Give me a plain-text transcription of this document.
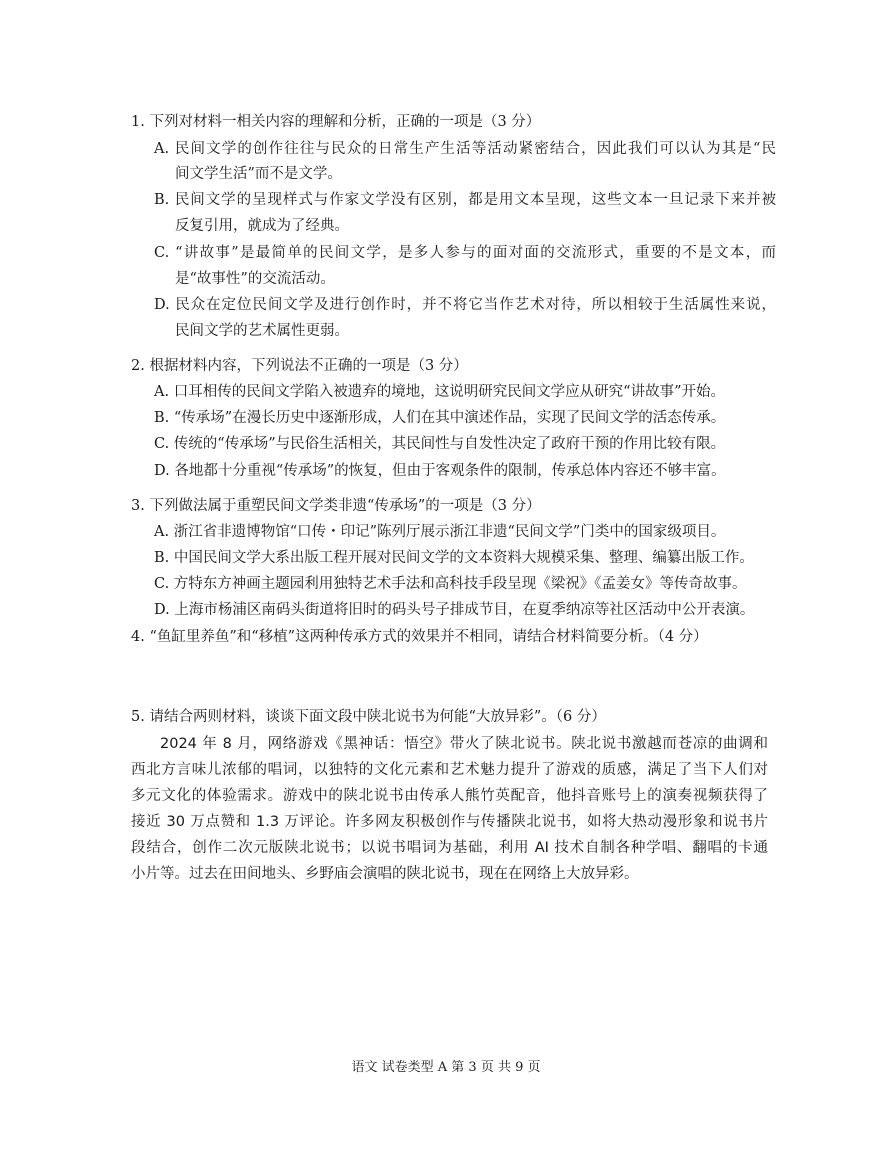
1. 下列对材料一相关内容的理解和分析，正确的一项是（3 分）
A. 民间文学的创作往往与民众的日常生产生活等活动紧密结合，因此我们可以认为其是“民
间文学生活”而不是文学。
B. 民间文学的呈现样式与作家文学没有区别，都是用文本呈现，这些文本一旦记录下来并被
反复引用，就成为了经典。
C. “讲故事”是最简单的民间文学，是多人参与的面对面的交流形式，重要的不是文本，而
是“故事性”的交流活动。
D. 民众在定位民间文学及进行创作时，并不将它当作艺术对待，所以相较于生活属性来说，
民间文学的艺术属性更弱。
2. 根据材料内容，下列说法不正确的一项是（3 分）
A. 口耳相传的民间文学陷入被遗弃的境地，这说明研究民间文学应从研究“讲故事”开始。
B. “传承场”在漫长历史中逐渐形成，人们在其中演述作品，实现了民间文学的活态传承。
C. 传统的“传承场”与民俗生活相关，其民间性与自发性决定了政府干预的作用比较有限。
D. 各地都十分重视“传承场”的恢复，但由于客观条件的限制，传承总体内容还不够丰富。
3. 下列做法属于重塑民间文学类非遗“传承场”的一项是（3 分）
A. 浙江省非遗博物馆“口传・印记”陈列厅展示浙江非遗“民间文学”门类中的国家级项目。
B. 中国民间文学大系出版工程开展对民间文学的文本资料大规模采集、整理、编纂出版工作。
C. 方特东方神画主题园利用独特艺术手法和高科技手段呈现《梁祝》《孟姜女》等传奇故事。
D. 上海市杨浦区南码头街道将旧时的码头号子排成节目，在夏季纳凉等社区活动中公开表演。
4. “鱼缸里养鱼”和“移植”这两种传承方式的效果并不相同，请结合材料简要分析。（4 分）
5. 请结合两则材料，谈谈下面文段中陕北说书为何能“大放异彩”。（6 分）
2024 年 8 月，网络游戏《黑神话：悟空》带火了陕北说书。陕北说书激越而苍凉的曲调和
西北方言味儿浓郁的唱词，以独特的文化元素和艺术魅力提升了游戏的质感，满足了当下人们对
多元文化的体验需求。游戏中的陕北说书由传承人熊竹英配音，他抖音账号上的演奏视频获得了
接近 30 万点赞和 1.3 万评论。许多网友积极创作与传播陕北说书，如将大热动漫形象和说书片
段结合，创作二次元版陕北说书；以说书唱词为基础，利用 AI 技术自制各种学唱、翻唱的卡通
小片等。过去在田间地头、乡野庙会演唱的陕北说书，现在在网络上大放异彩。
语文 试卷类型 A 第 3 页 共 9 页
